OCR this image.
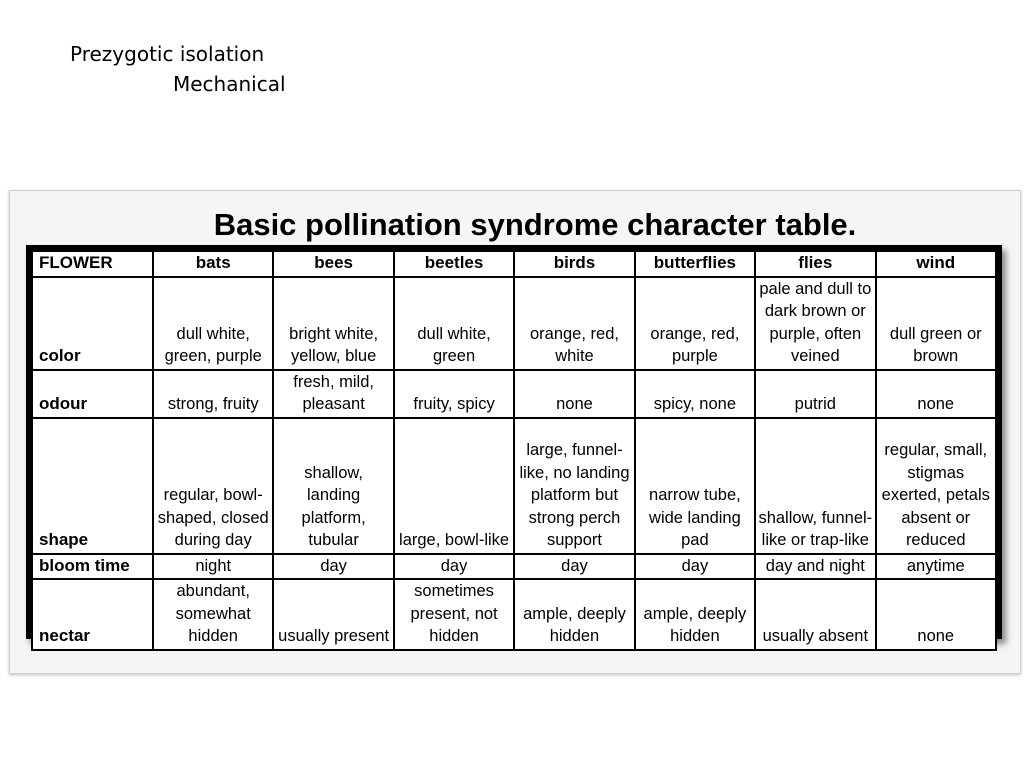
Prezygotic isolation
Mechanical
Basic pollination syndrome character table.
FLOWER	bats	bees	beetles	birds	butterflies	flies	wind
color	dull white, green, purple	bright white, yellow, blue	dull white, green	orange, red, white	orange, red, purple	pale and dull to dark brown or purple, often veined	dull green or brown
odour	strong, fruity	fresh, mild, pleasant	fruity, spicy	none	spicy, none	putrid	none
shape	regular, bowl-shaped, closed during day	shallow, landing platform, tubular	large, bowl-like	large, funnel-like, no landing platform but strong perch support	narrow tube, wide landing pad	shallow, funnel-like or trap-like	regular, small, stigmas exerted, petals absent or reduced
bloom time	night	day	day	day	day	day and night	anytime
nectar	abundant, somewhat hidden	usually present	sometimes present, not hidden	ample, deeply hidden	ample, deeply hidden	usually absent	none
